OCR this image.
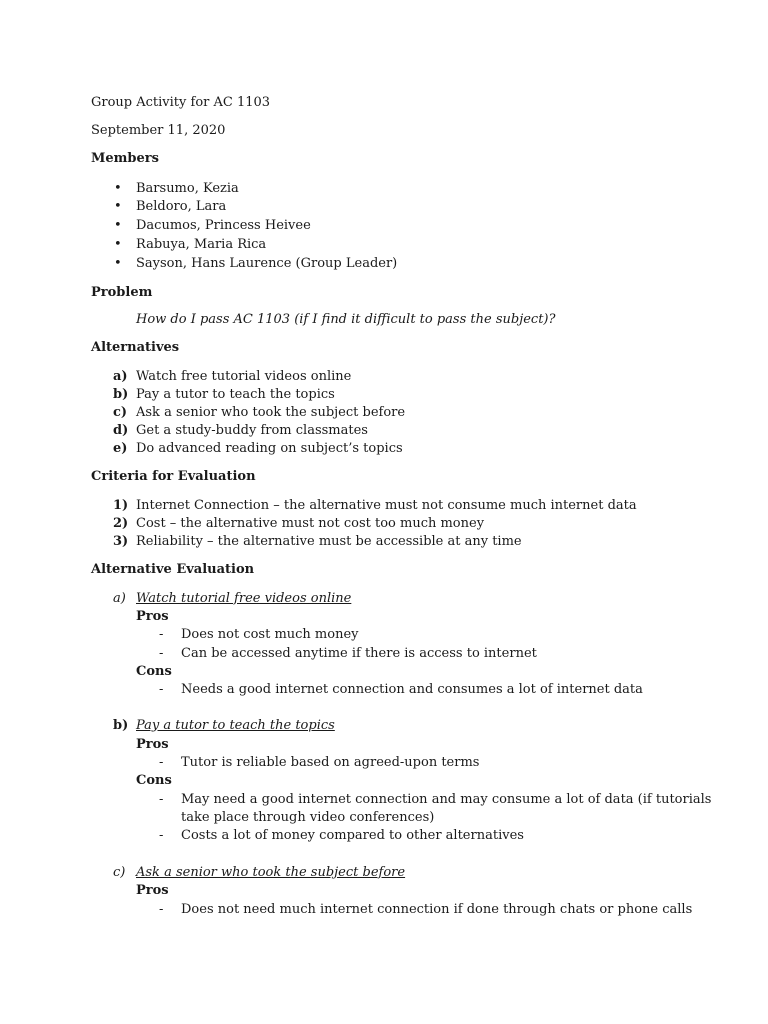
Group Activity for AC 1103
September 11, 2020
Members
• Barsumo, Kezia
• Beldoro, Lara
• Dacumos, Princess Heivee
• Rabuya, Maria Rica
• Sayson, Hans Laurence (Group Leader)
Problem
How do I pass AC 1103 (if I find it difficult to pass the subject)?
Alternatives
a) Watch free tutorial videos online
b) Pay a tutor to teach the topics
c) Ask a senior who took the subject before
d) Get a study-buddy from classmates
e) Do advanced reading on subject’s topics
Criteria for Evaluation
1) Internet Connection – the alternative must not consume much internet data
2) Cost – the alternative must not cost too much money
3) Reliability – the alternative must be accessible at any time
Alternative Evaluation
a) Watch tutorial free videos online
Pros
- Does not cost much money
- Can be accessed anytime if there is access to internet
Cons
- Needs a good internet connection and consumes a lot of internet data
b) Pay a tutor to teach the topics
Pros
- Tutor is reliable based on agreed-upon terms
Cons
- May need a good internet connection and may consume a lot of data (if tutorials
take place through video conferences)
- Costs a lot of money compared to other alternatives
c) Ask a senior who took the subject before
Pros
- Does not need much internet connection if done through chats or phone calls
